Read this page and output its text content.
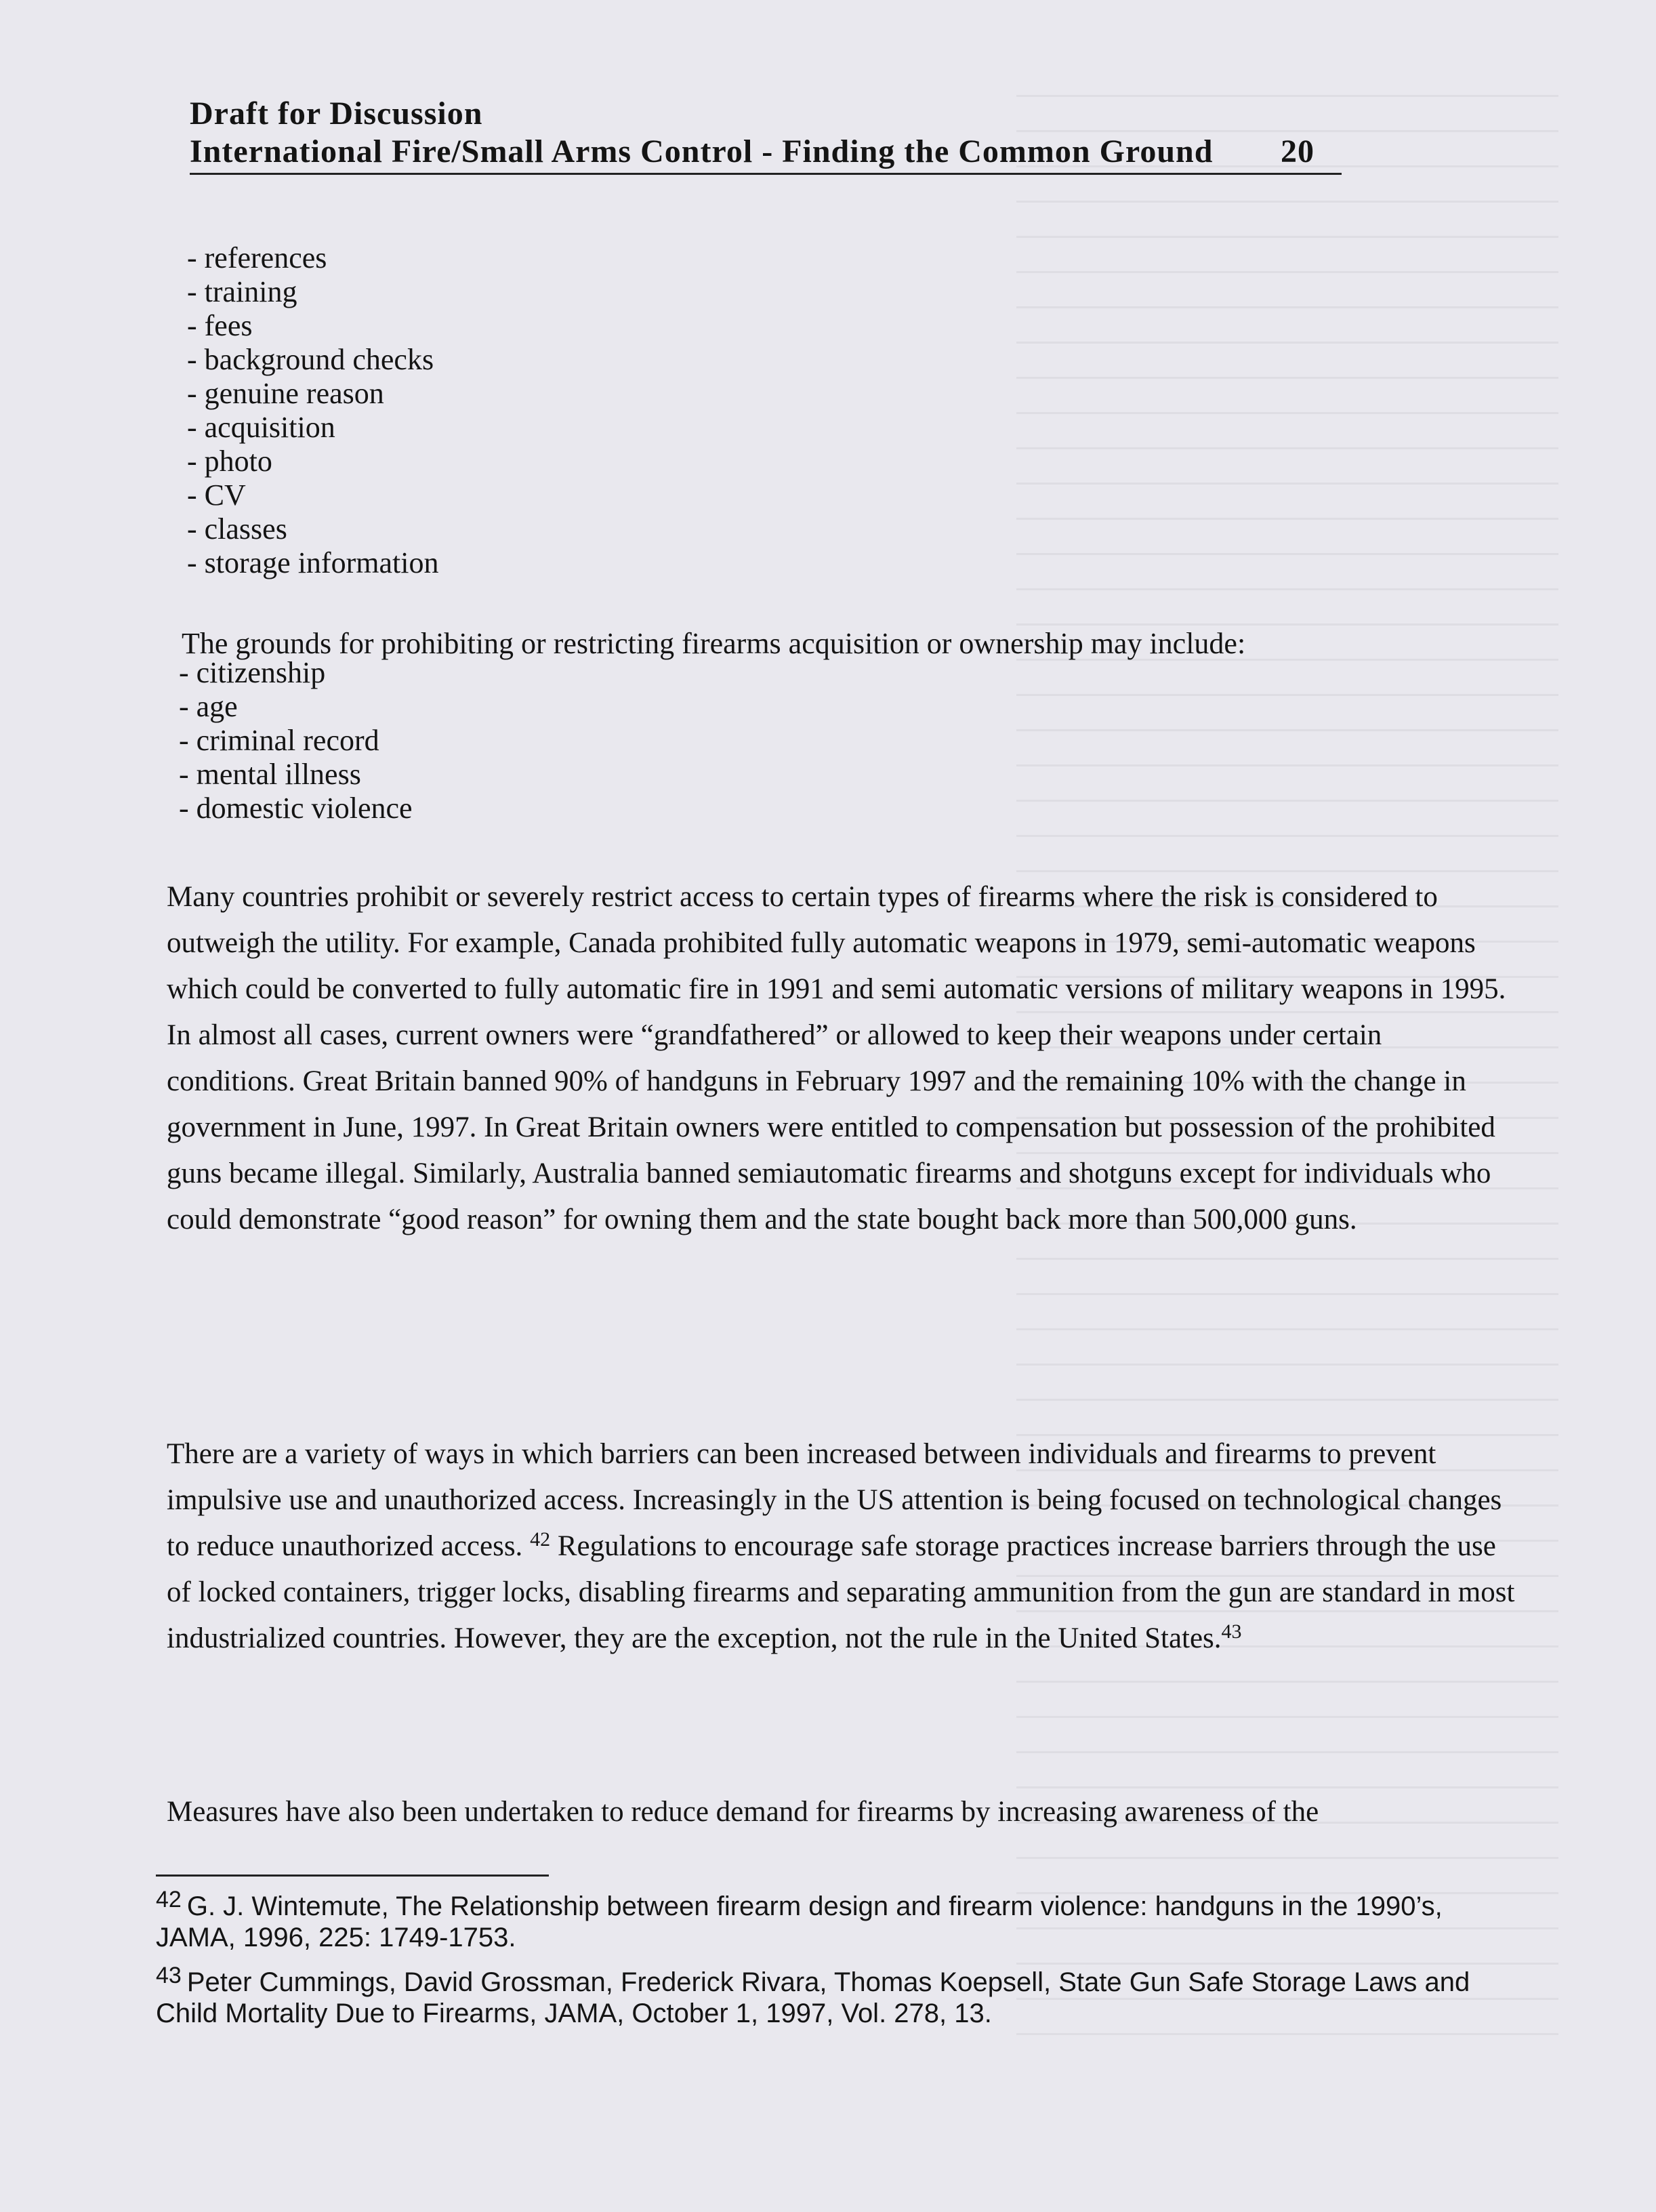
Draft for Discussion
International Fire/Small Arms Control - Finding the Common Ground 20
- references
- training
- fees
- background checks
- genuine reason
- acquisition
- photo
- CV
- classes
- storage information
The grounds for prohibiting or restricting firearms acquisition or ownership may include:
- citizenship
- age
- criminal record
- mental illness
- domestic violence

Many countries prohibit or severely restrict access to certain types of firearms where the risk is considered to outweigh the utility. For example, Canada prohibited fully automatic weapons in 1979, semi-automatic weapons which could be converted to fully automatic fire in 1991 and semi automatic versions of military weapons in 1995. In almost all cases, current owners were “grandfathered” or allowed to keep their weapons under certain conditions. Great Britain banned 90% of handguns in February 1997 and the remaining 10% with the change in government in June, 1997. In Great Britain owners were entitled to compensation but possession of the prohibited guns became illegal. Similarly, Australia banned semiautomatic firearms and shotguns except for individuals who could demonstrate “good reason” for owning them and the state bought back more than 500,000 guns.

There are a variety of ways in which barriers can been increased between individuals and firearms to prevent impulsive use and unauthorized access. Increasingly in the US attention is being focused on technological changes to reduce unauthorized access. $^{42}$ Regulations to encourage safe storage practices increase barriers through the use of locked containers, trigger locks, disabling firearms and separating ammunition from the gun are standard in most industrialized countries. However, they are the exception, not the rule in the United States.$^{43}$

Measures have also been undertaken to reduce demand for firearms by increasing awareness of the

$^{42}$ G. J. Wintemute, The Relationship between firearm design and firearm violence: handguns in the 1990’s, JAMA, 1996, 225: 1749-1753.
$^{43}$ Peter Cummings, David Grossman, Frederick Rivara, Thomas Koepsell, State Gun Safe Storage Laws and Child Mortality Due to Firearms, JAMA, October 1, 1997, Vol. 278, 13.
